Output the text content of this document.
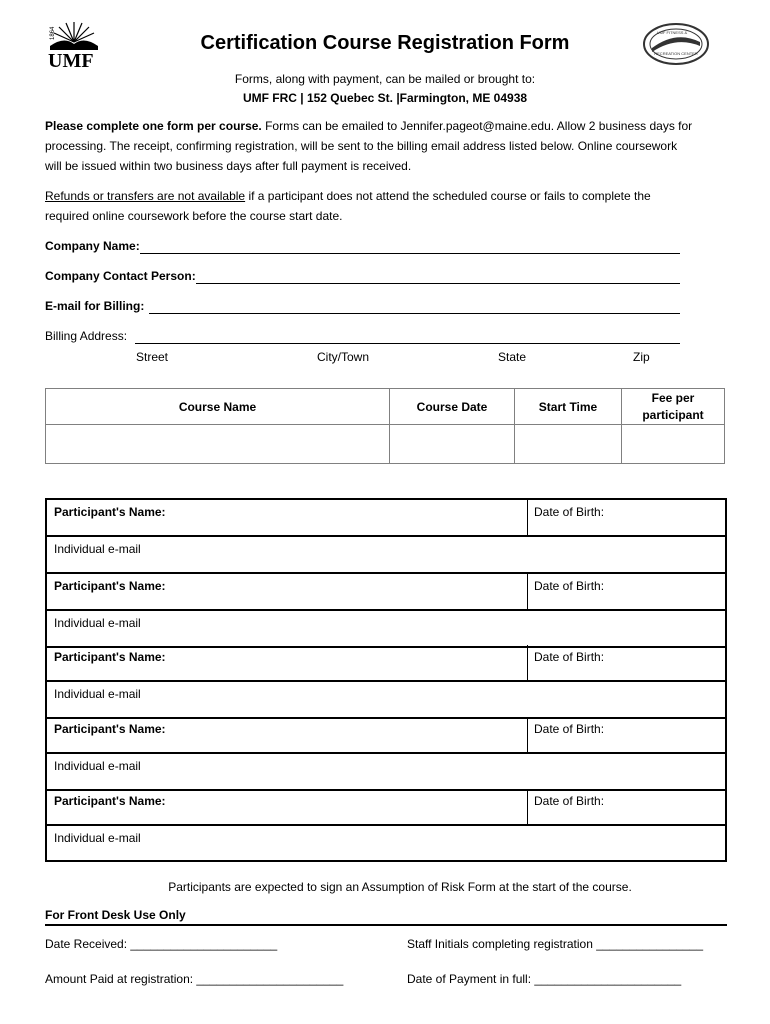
1864
UMF	RECREATION CENTER
UMF FITNESS &
Certification Course Registration Form
Forms, along with payment, can be mailed or brought to:
UMF FRC | 152 Quebec St. |Farmington, ME 04938
Please complete one form per course. Forms can be emailed to Jennifer.pageot@maine.edu. Allow 2 business days for
processing. The receipt, confirming registration, will be sent to the billing email address listed below. Online coursework
will be issued within two business days after full payment is received.
Refunds or transfers are not available if a participant does not attend the scheduled course or fails to complete the
required online coursework before the course start date.
Company Name:
Company Contact Person:
E-mail for Billing:
Billing Address:
Street	City/Town	State	Zip
Course Name	Course Date	Start Time	Fee per participant

Participant's Name:	Date of Birth:
Individual e-mail
Participant's Name:	Date of Birth:
Individual e-mail
Participant's Name:	Date of Birth:
Individual e-mail
Participant's Name:	Date of Birth:
Individual e-mail
Participant's Name:	Date of Birth:
Individual e-mail
Participants are expected to sign an Assumption of Risk Form at the start of the course.
For Front Desk Use Only
Date Received: ______________________	Staff Initials completing registration ________________
Amount Paid at registration: ______________________	Date of Payment in full: ______________________
